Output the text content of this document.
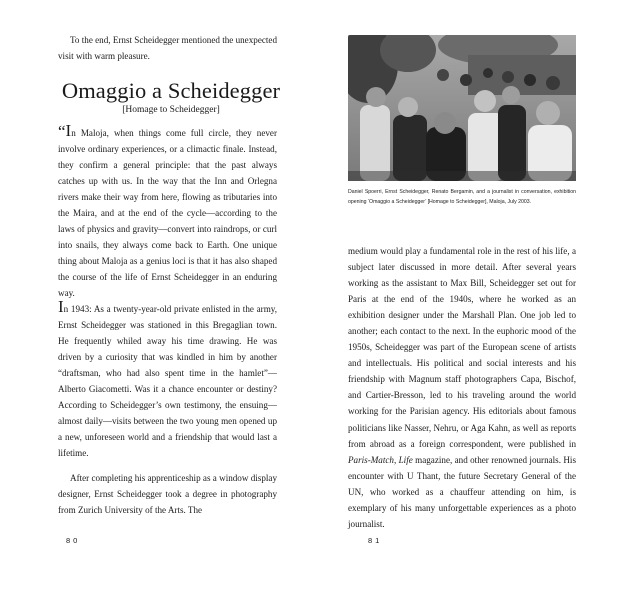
To the end, Ernst Scheidegger mentioned the unexpected visit with warm pleasure.

Omaggio a Scheidegger
[Homage to Scheidegger]

“In Maloja, when things come full circle, they never involve ordinary experiences, or a climactic finale. Instead, they confirm a general principle: that the past always catches up with us. In the way that the Inn and Orlegna rivers make their way from here, flowing as tributaries into the Maira, and at the end of the cycle—according to the laws of physics and gravity—convert into raindrops, or curl into snails, they always come back to Earth. One unique thing about Maloja as a genius loci is that it has also shaped the course of the life of Ernst Scheidegger in an enduring way.

In 1943: As a twenty-year-old private enlisted in the army, Ernst Scheidegger was stationed in this Bregaglian town. He frequently whiled away his time drawing. He was driven by a curiosity that was kindled in him by another “draftsman, who had also spent time in the hamlet”—Alberto Giacometti. Was it a chance encounter or destiny? According to Scheidegger’s own testimony, the ensuing—almost daily—visits between the two young men opened up a new, unforeseen world and a friendship that would last a lifetime.

After completing his apprenticeship as a window display designer, Ernst Scheidegger took a degree in photography from Zurich University of the Arts. The

80
Daniel Spoerri, Ernst Scheidegger, Renato Bergamin, and a journalist in conversation, exhibition opening ‘Omaggio a Scheidegger’ [Homage to Scheidegger], Maloja, July 2003.

medium would play a fundamental role in the rest of his life, a subject later discussed in more detail. After several years working as the assistant to Max Bill, Scheidegger set out for Paris at the end of the 1940s, where he worked as an exhibition designer under the Marshall Plan. One job led to another; each contact to the next. In the euphoric mood of the 1950s, Scheidegger was part of the European scene of artists and intellectuals. His political and social interests and his friendship with Magnum staff photographers Capa, Bischof, and Cartier-Bresson, led to his traveling around the world working for the Parisian agency. His editorials about famous politicians like Nasser, Nehru, or Aga Kahn, as well as reports from abroad as a foreign correspondent, were published in Paris-Match, Life magazine, and other renowned journals. His encounter with U Thant, the future Secretary General of the UN, who worked as a chauffeur attending on him, is exemplary of his many unforgettable experiences as a photo journalist.

81
